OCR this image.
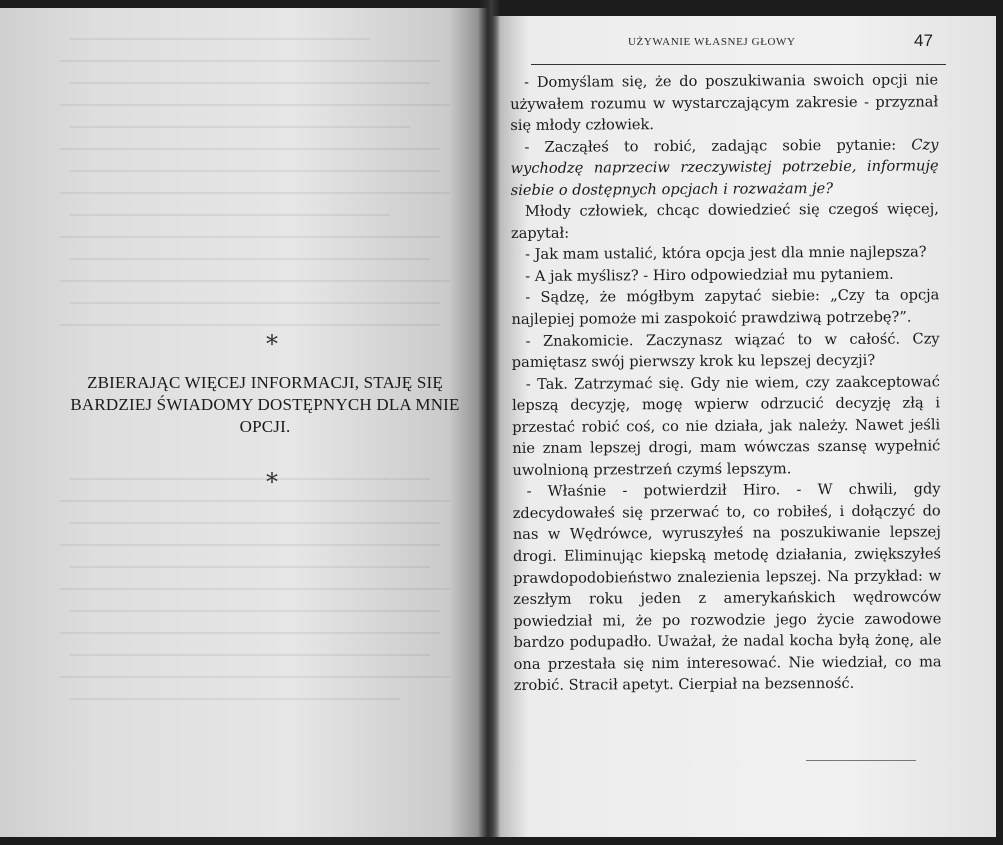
*
ZBIERAJĄC WIĘCEJ INFORMACJI, STAJĘ SIĘ BARDZIEJ ŚWIADOMY DOSTĘPNYCH DLA MNIE OPCJI.
*
UŻYWANIE WŁASNEJ GŁOWY	47

- Domyślam się, że do poszukiwania swoich opcji nie używałem rozumu w wystarczającym zakresie - przyznał się młody człowiek.

- Zacząłeś to robić, zadając sobie pytanie: Czy wychodzę naprzeciw rzeczywistej potrzebie, informuję siebie o dostępnych opcjach i rozważam je?

Młody człowiek, chcąc dowiedzieć się czegoś więcej, zapytał:

- Jak mam ustalić, która opcja jest dla mnie najlepsza?

- A jak myślisz? - Hiro odpowiedział mu pytaniem.

- Sądzę, że mógłbym zapytać siebie: „Czy ta opcja najlepiej pomoże mi zaspokoić prawdziwą potrzebę?”.

- Znakomicie. Zaczynasz wiązać to w całość. Czy pamiętasz swój pierwszy krok ku lepszej decyzji?

- Tak. Zatrzymać się. Gdy nie wiem, czy zaakceptować lepszą decyzję, mogę wpierw odrzucić decyzję złą i przestać robić coś, co nie działa, jak należy. Nawet jeśli nie znam lepszej drogi, mam wówczas szansę wypełnić uwolnioną przestrzeń czymś lepszym.

- Właśnie - potwierdził Hiro. - W chwili, gdy zdecydowałeś się przerwać to, co robiłeś, i dołączyć do nas w Wędrówce, wyruszyłeś na poszukiwanie lepszej drogi. Eliminując kiepską metodę działania, zwiększyłeś prawdopodobieństwo znalezienia lepszej. Na przykład: w zeszłym roku jeden z amerykańskich wędrowców powiedział mi, że po rozwodzie jego życie zawodowe bardzo podupadło. Uważał, że nadal kocha byłą żonę, ale ona przestała się nim interesować. Nie wiedział, co ma zrobić. Stracił apetyt. Cierpiał na bezsenność.
